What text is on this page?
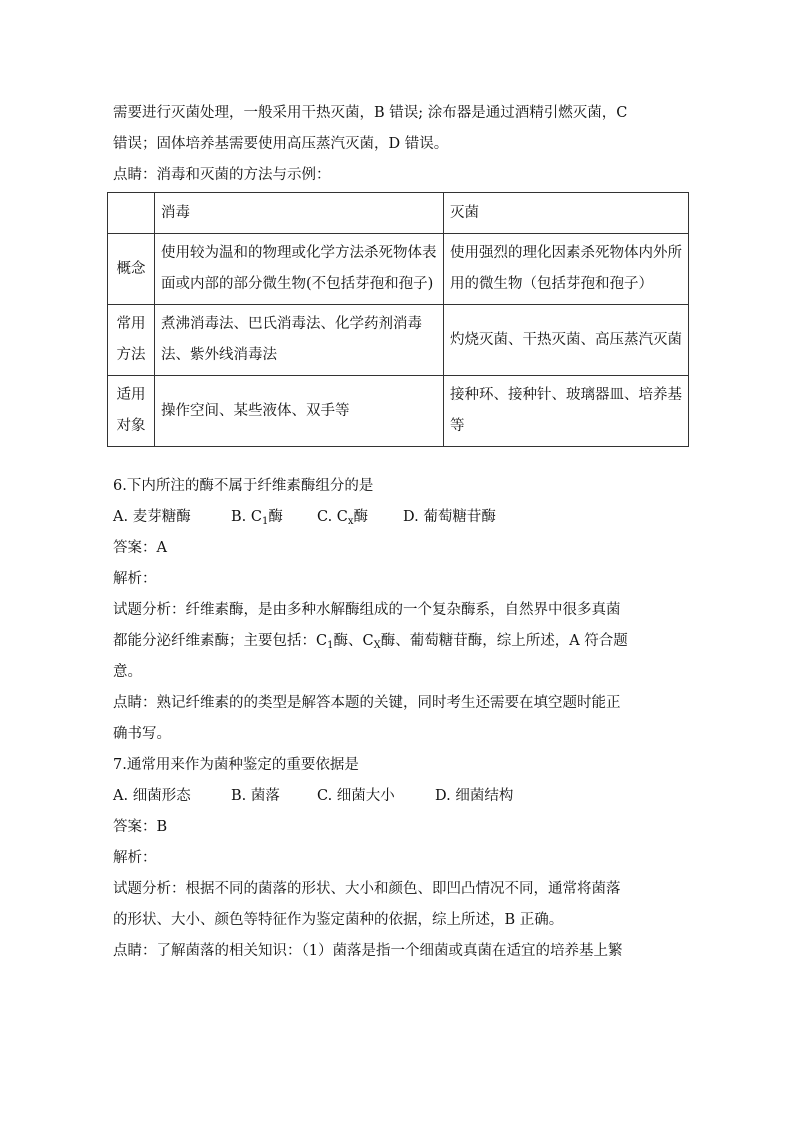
需要进行灭菌处理，一般采用干热灭菌，B 错误; 涂布器是通过酒精引燃灭菌，C
错误；固体培养基需要使用高压蒸汽灭菌，D 错误。
点睛：消毒和灭菌的方法与示例：
	消毒	灭菌
概念	使用较为温和的物理或化学方法杀死物体表面或内部的部分微生物(不包括芽孢和孢子)	使用强烈的理化因素杀死物体内外所用的微生物（包括芽孢和孢子）
常用方法	煮沸消毒法、巴氏消毒法、化学药剂消毒法、紫外线消毒法	灼烧灭菌、干热灭菌、高压蒸汽灭菌
适用对象	操作空间、某些液体、双手等	接种环、接种针、玻璃器皿、培养基等
6.下内所注的酶不属于纤维素酶组分的是
A. 麦芽糖酶	B. $C_1$酶 C. $C_x$酶 D. 葡萄糖苷酶
答案：A
解析：
试题分析：纤维素酶，是由多种水解酶组成的一个复杂酶系，自然界中很多真菌
都能分泌纤维素酶；主要包括：$C_1$酶、$C_X$酶、葡萄糖苷酶，综上所述，A 符合题
意。
点睛：熟记纤维素的的类型是解答本题的关键，同时考生还需要在填空题时能正
确书写。
7.通常用来作为菌种鉴定的重要依据是
A. 细菌形态	B. 菌落	C. 细菌大小	D. 细菌结构
答案：B
解析：
试题分析：根据不同的菌落的形状、大小和颜色、即凹凸情况不同，通常将菌落
的形状、大小、颜色等特征作为鉴定菌种的依据，综上所述，B 正确。
点睛：了解菌落的相关知识：（1）菌落是指一个细菌或真菌在适宜的培养基上繁
